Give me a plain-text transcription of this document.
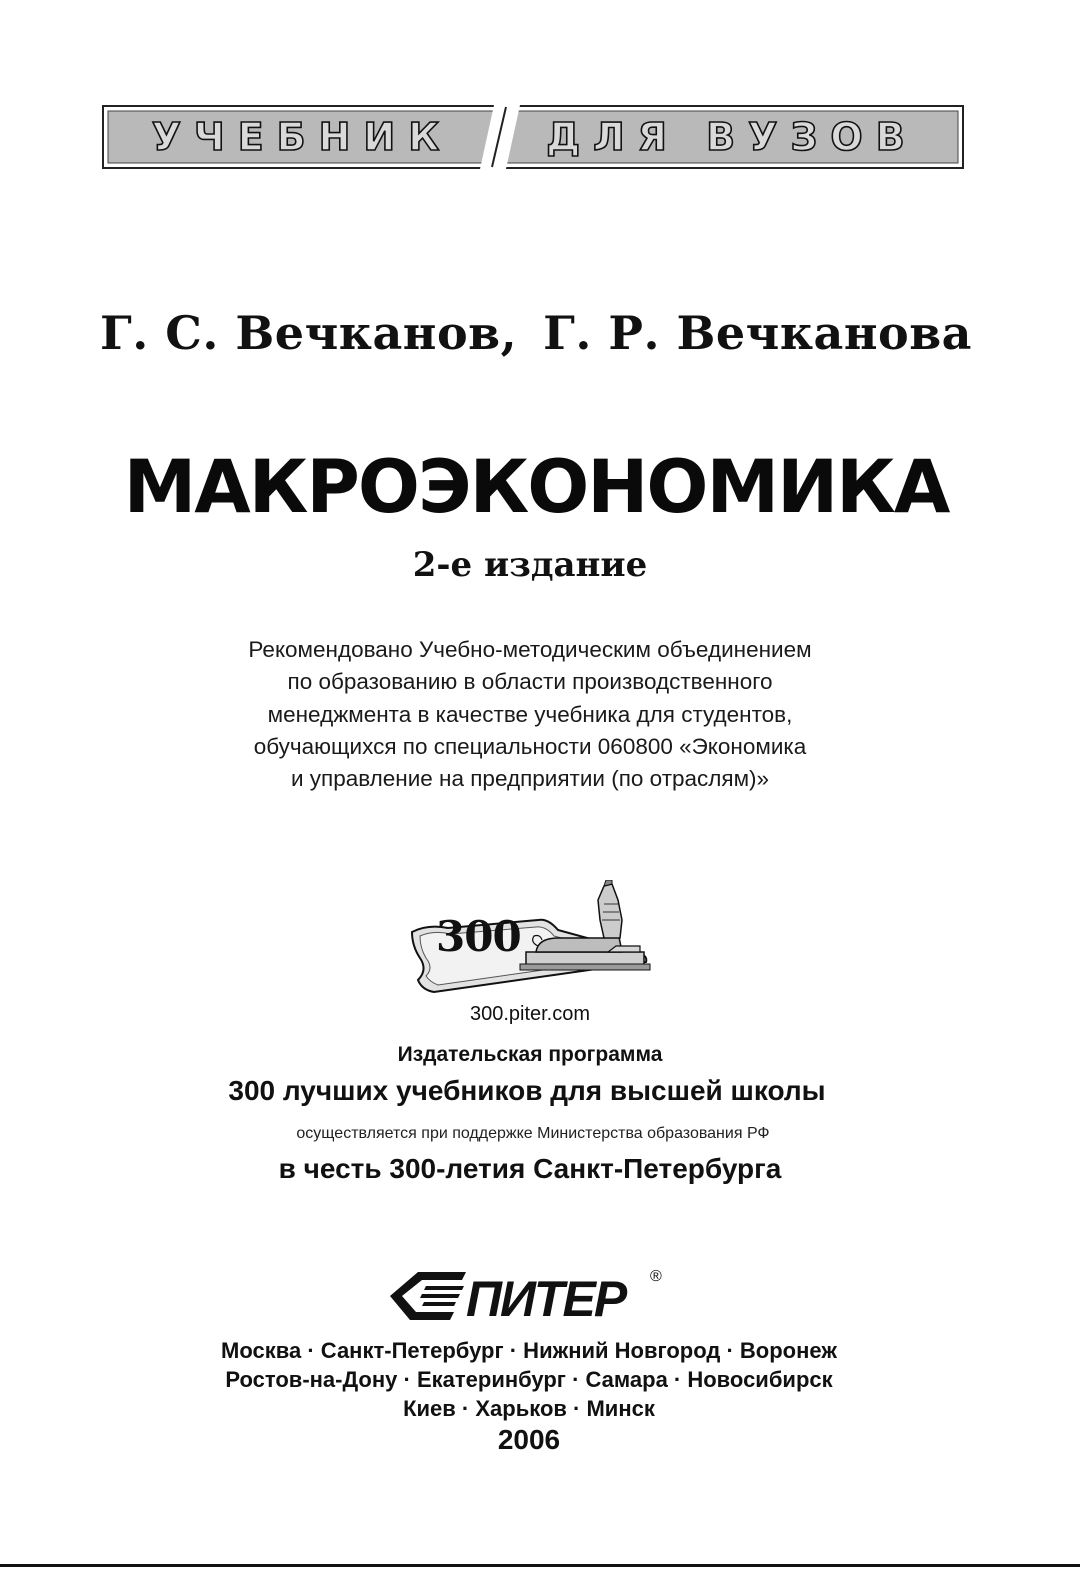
УЧЕБНИК ДЛЯ ВУЗОВ
Г. С. Вечканов, Г. Р. Вечканова
МАКРОЭКОНОМИКА
2-е издание
Рекомендовано Учебно-методическим объединением
по образованию в области производственного
менеджмента в качестве учебника для студентов,
обучающихся по специальности 060800 «Экономика
и управление на предприятии (по отраслям)»
300
300.piter.com
Издательская программа
300 лучших учебников для высшей школы
осуществляется при поддержке Министерства образования РФ
в честь 300-летия Санкт-Петербурга
ПИТЕР ®
Москва · Санкт-Петербург · Нижний Новгород · Воронеж
Ростов-на-Дону · Екатеринбург · Самара · Новосибирск
Киев · Харьков · Минск
2006
